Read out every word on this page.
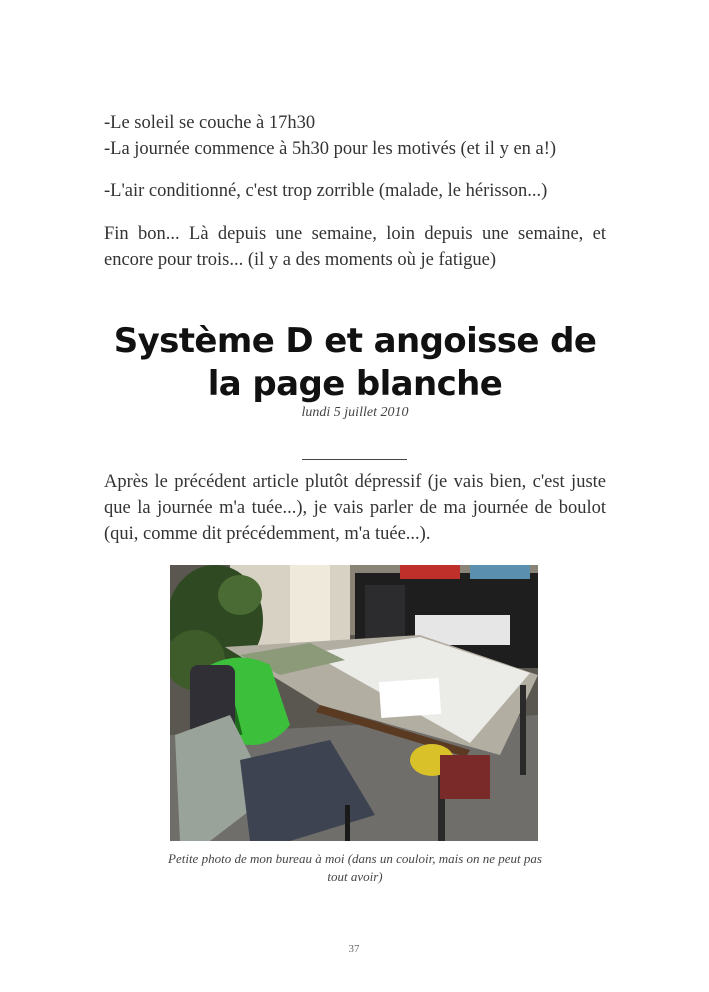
-Le soleil se couche à 17h30

-La journée commence à 5h30 pour les motivés (et il y en a!)

-L'air conditionné, c'est trop zorrible (malade, le hérisson...)

Fin bon... Là depuis une semaine, loin depuis une semaine, et encore pour trois... (il y a des moments où je fatigue)

Système D et angoisse de la page blanche

lundi 5 juillet 2010

Après le précédent article plutôt dépressif (je vais bien, c'est juste que la journée m'a tuée...), je vais parler de ma journée de boulot (qui, comme dit précédemment, m'a tuée...).

Petite photo de mon bureau à moi (dans un couloir, mais on ne peut pas tout avoir)

37
